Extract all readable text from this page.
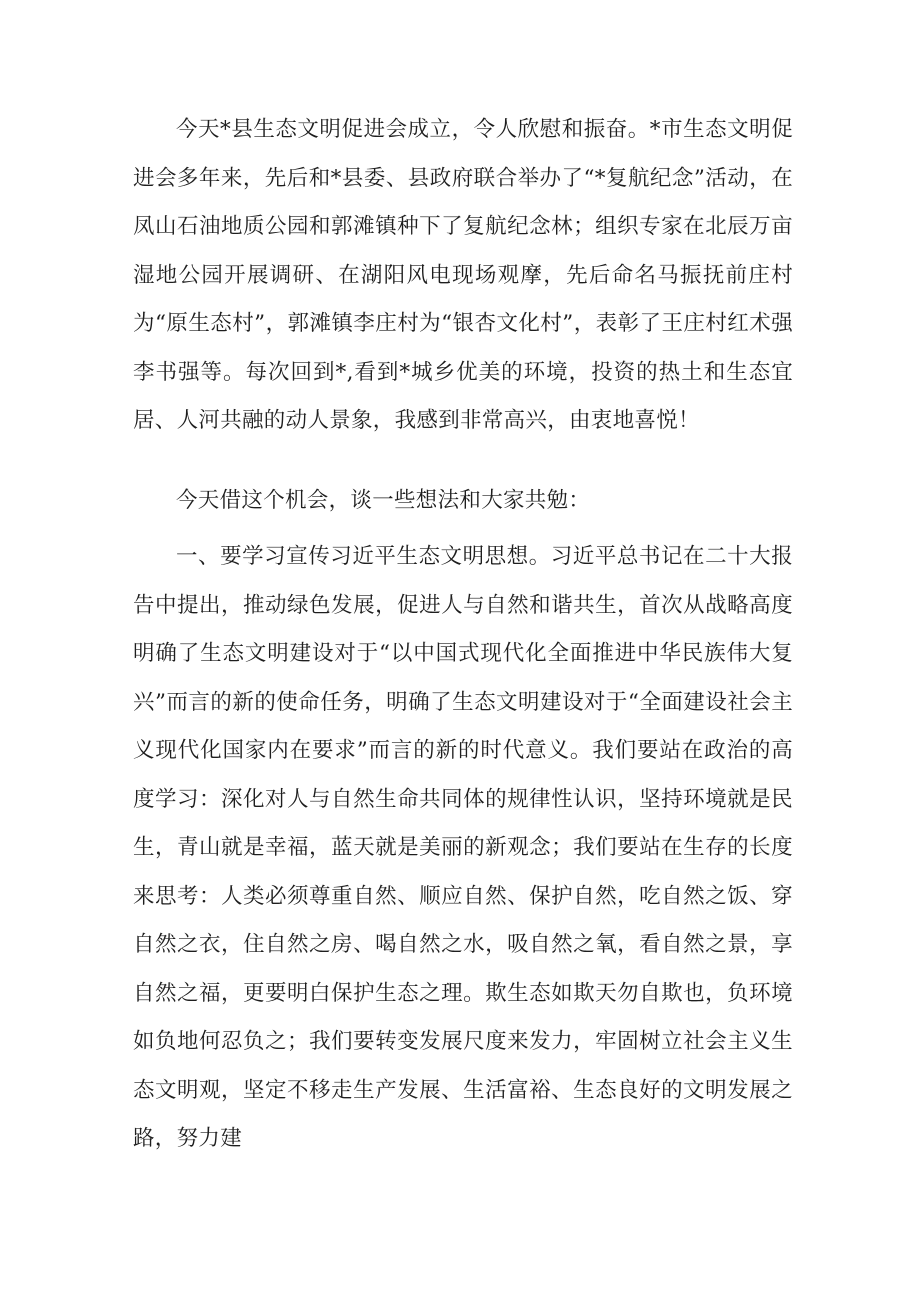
今天*县生态文明促进会成立，令人欣慰和振奋。*市生态文明促进会多年来，先后和*县委、县政府联合举办了“*复航纪念”活动，在凤山石油地质公园和郭滩镇种下了复航纪念林；组织专家在北辰万亩湿地公园开展调研、在湖阳风电现场观摩，先后命名马振抚前庄村为“原生态村”，郭滩镇李庄村为“银杏文化村”，表彰了王庄村红术强李书强等。每次回到*,看到*城乡优美的环境，投资的热土和生态宜居、人河共融的动人景象，我感到非常高兴，由衷地喜悦！

今天借这个机会，谈一些想法和大家共勉：

一、要学习宣传习近平生态文明思想。习近平总书记在二十大报告中提出，推动绿色发展，促进人与自然和谐共生，首次从战略高度明确了生态文明建设对于“以中国式现代化全面推进中华民族伟大复兴”而言的新的使命任务，明确了生态文明建设对于“全面建设社会主义现代化国家内在要求”而言的新的时代意义。我们要站在政治的高度学习：深化对人与自然生命共同体的规律性认识，坚持环境就是民生，青山就是幸福，蓝天就是美丽的新观念；我们要站在生存的长度来思考：人类必须尊重自然、顺应自然、保护自然，吃自然之饭、穿自然之衣，住自然之房、喝自然之水，吸自然之氧，看自然之景，享自然之福，更要明白保护生态之理。欺生态如欺天勿自欺也，负环境如负地何忍负之；我们要转变发展尺度来发力，牢固树立社会主义生态文明观，坚定不移走生产发展、生活富裕、生态良好的文明发展之路，努力建
